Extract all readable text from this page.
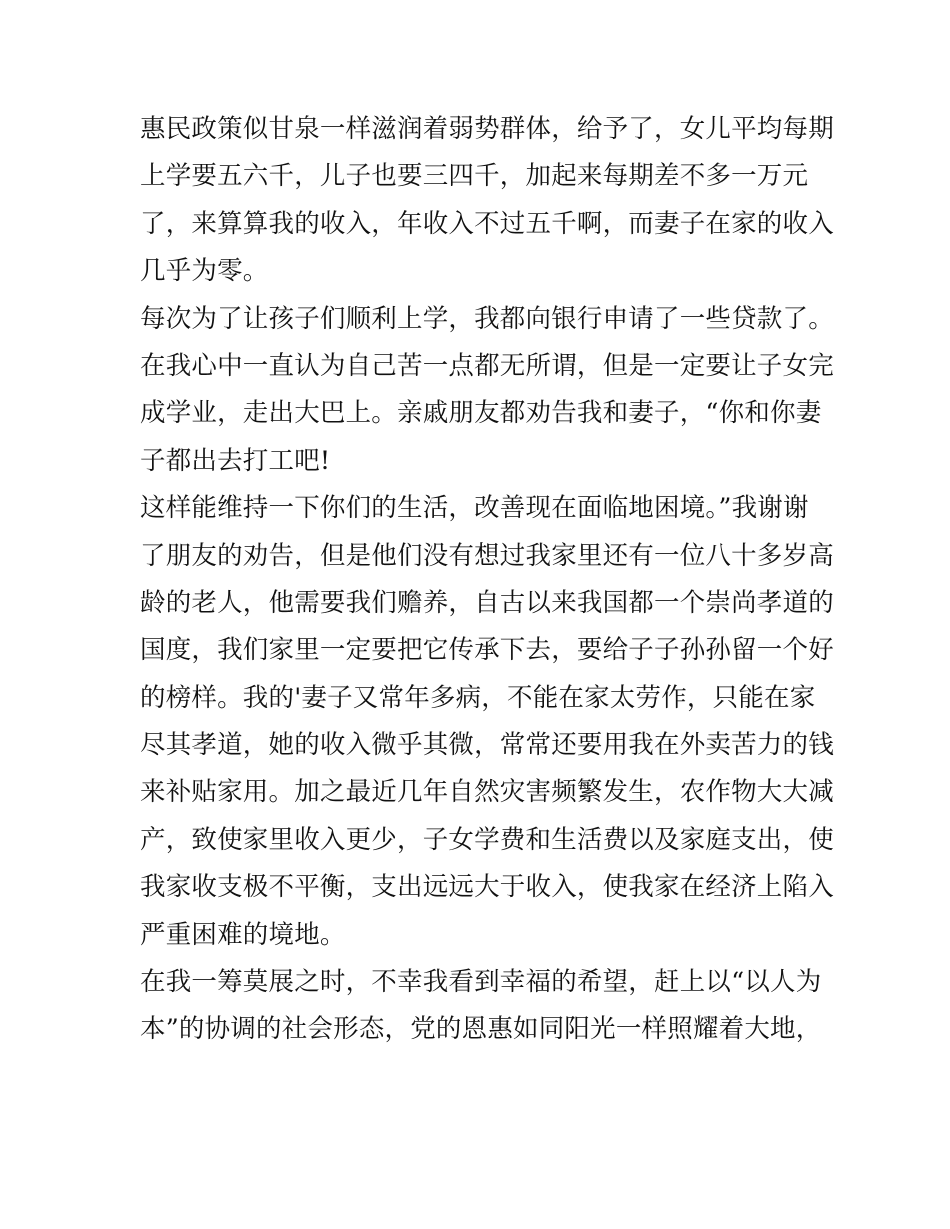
惠民政策似甘泉一样滋润着弱势群体，给予了，女儿平均每期
上学要五六千，儿子也要三四千，加起来每期差不多一万元
了，来算算我的收入，年收入不过五千啊，而妻子在家的收入
几乎为零。
每次为了让孩子们顺利上学，我都向银行申请了一些贷款了。
在我心中一直认为自己苦一点都无所谓，但是一定要让子女完
成学业，走出大巴上。亲戚朋友都劝告我和妻子，“你和你妻
子都出去打工吧!
这样能维持一下你们的生活，改善现在面临地困境。”我谢谢
了朋友的劝告，但是他们没有想过我家里还有一位八十多岁高
龄的老人，他需要我们赡养，自古以来我国都一个崇尚孝道的
国度，我们家里一定要把它传承下去，要给子子孙孙留一个好
的榜样。我的'妻子又常年多病，不能在家太劳作，只能在家
尽其孝道，她的收入微乎其微，常常还要用我在外卖苦力的钱
来补贴家用。加之最近几年自然灾害频繁发生，农作物大大减
产，致使家里收入更少，子女学费和生活费以及家庭支出，使
我家收支极不平衡，支出远远大于收入，使我家在经济上陷入
严重困难的境地。
在我一筹莫展之时，不幸我看到幸福的希望，赶上以“以人为
本”的协调的社会形态，党的恩惠如同阳光一样照耀着大地，
